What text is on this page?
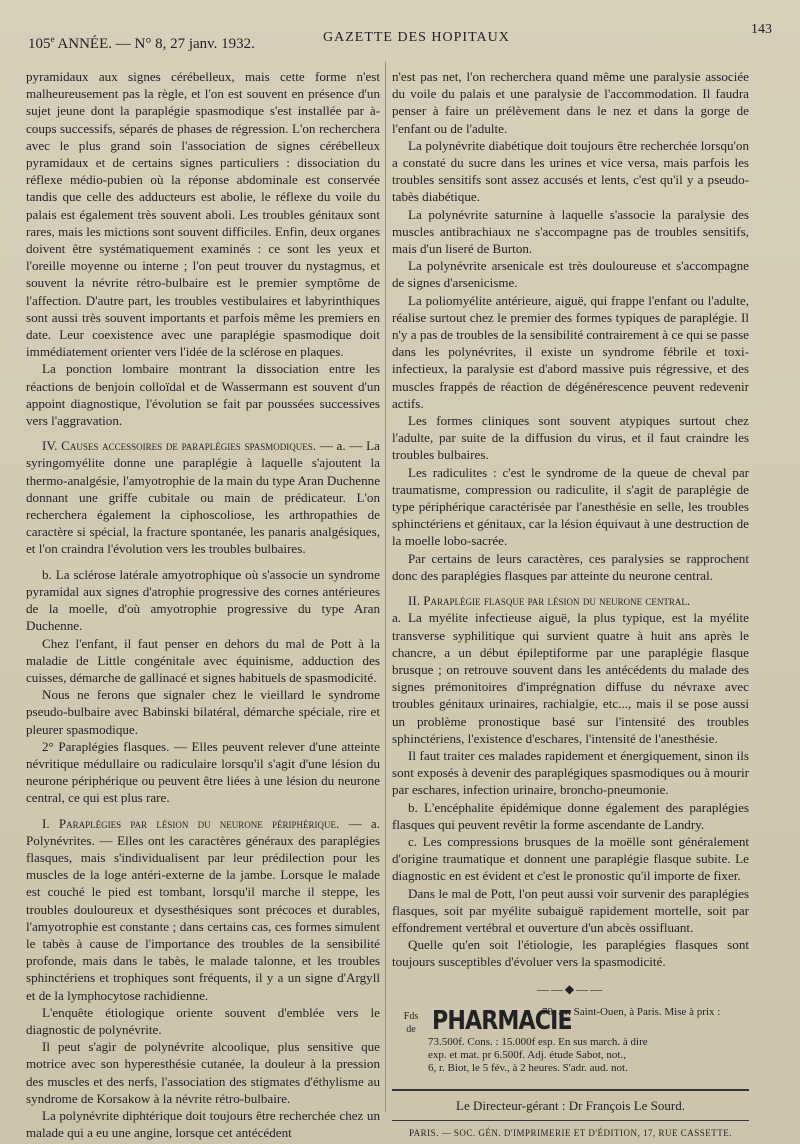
105e ANNÉE. — N° 8, 27 janv. 1932.	GAZETTE DES HOPITAUX
143

pyramidaux aux signes cérébelleux, mais cette forme n'est malheureusement pas la règle, et l'on est souvent en présence d'un sujet jeune dont la paraplégie spasmodique s'est installée par à-coups successifs, séparés de phases de régression. L'on recherchera avec le plus grand soin l'association de signes cérébelleux pyramidaux et de certains signes particuliers : dissociation du réflexe médio-pubien où la réponse abdominale est conservée tandis que celle des adducteurs est abolie, le réflexe du voile du palais est également très souvent aboli. Les troubles génitaux sont rares, mais les mictions sont souvent difficiles. Enfin, deux organes doivent être systématiquement examinés : ce sont les yeux et l'oreille moyenne ou interne ; l'on peut trouver du nystagmus, et souvent la névrite rétro-bulbaire est le premier symptôme de l'affection. D'autre part, les troubles vestibulaires et labyrinthiques sont aussi très souvent importants et parfois même les premiers en date. Leur coexistence avec une paraplégie spasmodique doit immédiatement orienter vers l'idée de la sclérose en plaques.

La ponction lombaire montrant la dissociation entre les réactions de benjoin colloïdal et de Wassermann est souvent d'un appoint diagnostique, l'évolution se fait par poussées successives vers l'aggravation.

IV. Causes accessoires de paraplégies spasmodiques. — a. — La syringomyélite donne une paraplégie à laquelle s'ajoutent la thermo-analgésie, l'amyotrophie de la main du type Aran Duchenne donnant une griffe cubitale ou main de prédicateur. L'on recherchera également la ciphoscoliose, les arthropathies de caractère si spécial, la fracture spontanée, les panaris analgésiques, et l'on craindra l'évolution vers les troubles bulbaires.

b. La sclérose latérale amyotrophique où s'associe un syndrome pyramidal aux signes d'atrophie progressive des cornes antérieures de la moelle, d'où amyotrophie progressive du type Aran Duchenne.

Chez l'enfant, il faut penser en dehors du mal de Pott à la maladie de Little congénitale avec équinisme, adduction des cuisses, démarche de gallinacé et signes habituels de spasmodicité.

Nous ne ferons que signaler chez le vieillard le syndrome pseudo-bulbaire avec Babinski bilatéral, démarche spéciale, rire et pleurer spasmodique.

2° Paraplégies flasques. — Elles peuvent relever d'une atteinte névritique médullaire ou radiculaire lorsqu'il s'agit d'une lésion du neurone périphérique ou peuvent être liées à une lésion du neurone central, ce qui est plus rare.

I. Paraplégies par lésion du neurone périphérique. — a. Polynévrites. — Elles ont les caractères généraux des paraplégies flasques, mais s'individualisent par leur prédilection pour les muscles de la loge antéri-externe de la jambe. Lorsque le malade est couché le pied est tombant, lorsqu'il marche il steppe, les troubles douloureux et dysesthésiques sont précoces et durables, l'amyotrophie est constante ; dans certains cas, ces formes simulent le tabès à cause de l'importance des troubles de la sensibilité profonde, mais dans le tabès, le malade talonne, et les troubles sphinctériens et trophiques sont fréquents, il y a un signe d'Argyll et de la lymphocytose rachidienne.

L'enquête étiologique oriente souvent d'emblée vers le diagnostic de polynévrite.

Il peut s'agir de polynévrite alcoolique, plus sensitive que motrice avec son hyperesthésie cutanée, la douleur à la pression des muscles et des nerfs, l'association des stigmates d'éthylisme au syndrome de Korsakow à la névrite rétro-bulbaire.

La polynévrite diphtérique doit toujours être recherchée chez un malade qui a eu une angine, lorsque cet antécédent

n'est pas net, l'on recherchera quand même une paralysie associée du voile du palais et une paralysie de l'accommodation. Il faudra penser à faire un prélèvement dans le nez et dans la gorge de l'enfant ou de l'adulte.

La polynévrite diabétique doit toujours être recherchée lorsqu'on a constaté du sucre dans les urines et vice versa, mais parfois les troubles sensitifs sont assez accusés et lents, c'est qu'il y a pseudo-tabès diabétique.

La polynévrite saturnine à laquelle s'associe la paralysie des muscles antibrachiaux ne s'accompagne pas de troubles sensitifs, mais d'un liseré de Burton.

La polynévrite arsenicale est très douloureuse et s'accompagne de signes d'arsenicisme.

La poliomyélite antérieure, aiguë, qui frappe l'enfant ou l'adulte, réalise surtout chez le premier des formes typiques de paraplégie. Il n'y a pas de troubles de la sensibilité contrairement à ce qui se passe dans les polynévrites, il existe un syndrome fébrile et toxi-infectieux, la paralysie est d'abord massive puis régressive, et des muscles frappés de réaction de dégénérescence peuvent redevenir actifs.

Les formes cliniques sont souvent atypiques surtout chez l'adulte, par suite de la diffusion du virus, et il faut craindre les troubles bulbaires.

Les radiculites : c'est le syndrome de la queue de cheval par traumatisme, compression ou radiculite, il s'agit de paraplégie de type périphérique caractérisée par l'anesthésie en selle, les troubles sphinctériens et génitaux, car la lésion équivaut à une destruction de la moelle lobo-sacrée.

Par certains de leurs caractères, ces paralysies se rapprochent donc des paraplégies flasques par atteinte du neurone central.

II. Paraplégie flasque par lésion du neurone central.

a. La myélite infectieuse aiguë, la plus typique, est la myélite transverse syphilitique qui survient quatre à huit ans après le chancre, a un début épileptiforme par une paraplégie flasque brusque ; on retrouve souvent dans les antécédents du malade des signes prémonitoires d'imprégnation diffuse du névraxe avec troubles génitaux urinaires, rachialgie, etc..., mais il se pose aussi un problème pronostique basé sur l'intensité des troubles sphinctériens, l'existence d'eschares, l'intensité de l'anesthésie.

Il faut traiter ces malades rapidement et énergiquement, sinon ils sont exposés à devenir des paraplégiques spasmodiques ou à mourir par eschares, infection urinaire, broncho-pneumonie.

b. L'encéphalite épidémique donne également des paraplégies flasques qui peuvent revêtir la forme ascendante de Landry.

c. Les compressions brusques de la moëlle sont généralement d'origine traumatique et donnent une paraplégie flasque subite. Le diagnostic en est évident et c'est le pronostic qu'il importe de fixer.

Dans le mal de Pott, l'on peut aussi voir survenir des paraplégies flasques, soit par myélite subaiguë rapidement mortelle, soit par effondrement vertébral et ouverture d'un abcès ossifluant.

Quelle qu'en soit l'étiologie, les paraplégies flasques sont toujours susceptibles d'évoluer vers la spasmodicité.

——◆——
Fds
de PHARMACIE
78, av. Saint-Ouen, à Paris. Mise à prix :
73.500f. Cons. : 15.000f esp. En sus march. à dire
exp. et mat. pr 6.500f. Adj. étude Sabot, not.,
6, r. Biot, le 5 fév., à 2 heures. S'adr. aud. not.
Le Directeur-gérant : Dr François Le Sourd.
PARIS. — SOC. GÉN. D'IMPRIMERIE ET D'ÉDITION, 17, RUE CASSETTE.
